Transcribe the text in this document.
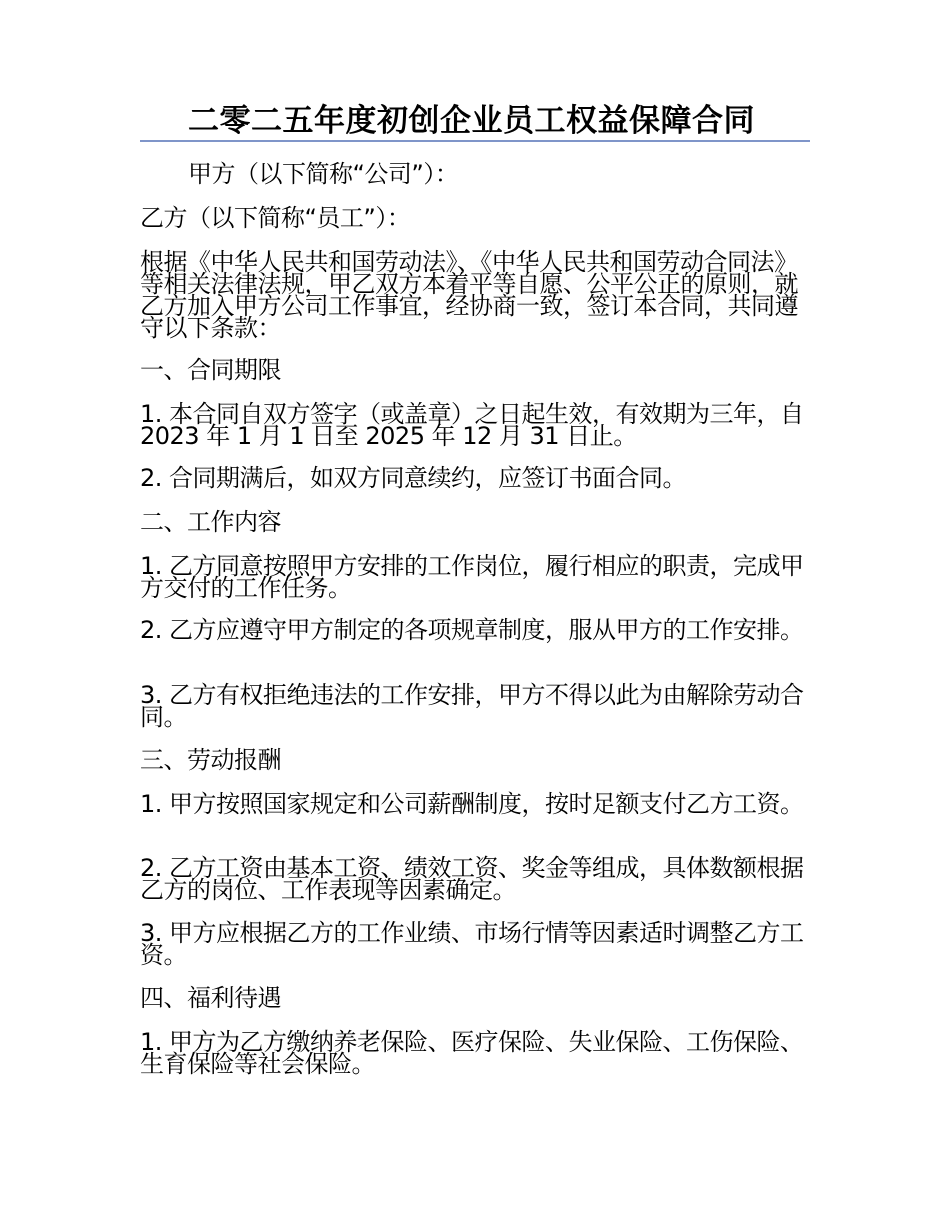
二零二五年度初创企业员工权益保障合同

甲方（以下简称“公司”）：

乙方（以下简称“员工”）：

根据《中华人民共和国劳动法》、《中华人民共和国劳动合同法》等相关法律法规，甲乙双方本着平等自愿、公平公正的原则，就乙方加入甲方公司工作事宜，经协商一致，签订本合同，共同遵守以下条款：

一、合同期限

1. 本合同自双方签字（或盖章）之日起生效，有效期为三年，自 2023 年 1 月 1 日至 2025 年 12 月 31 日止。

2. 合同期满后，如双方同意续约，应签订书面合同。

二、工作内容

1. 乙方同意按照甲方安排的工作岗位，履行相应的职责，完成甲方交付的工作任务。

2. 乙方应遵守甲方制定的各项规章制度，服从甲方的工作安排。

3. 乙方有权拒绝违法的工作安排，甲方不得以此为由解除劳动合同。

三、劳动报酬

1. 甲方按照国家规定和公司薪酬制度，按时足额支付乙方工资。

2. 乙方工资由基本工资、绩效工资、奖金等组成，具体数额根据乙方的岗位、工作表现等因素确定。

3. 甲方应根据乙方的工作业绩、市场行情等因素适时调整乙方工资。

四、福利待遇

1. 甲方为乙方缴纳养老保险、医疗保险、失业保险、工伤保险、生育保险等社会保险。
